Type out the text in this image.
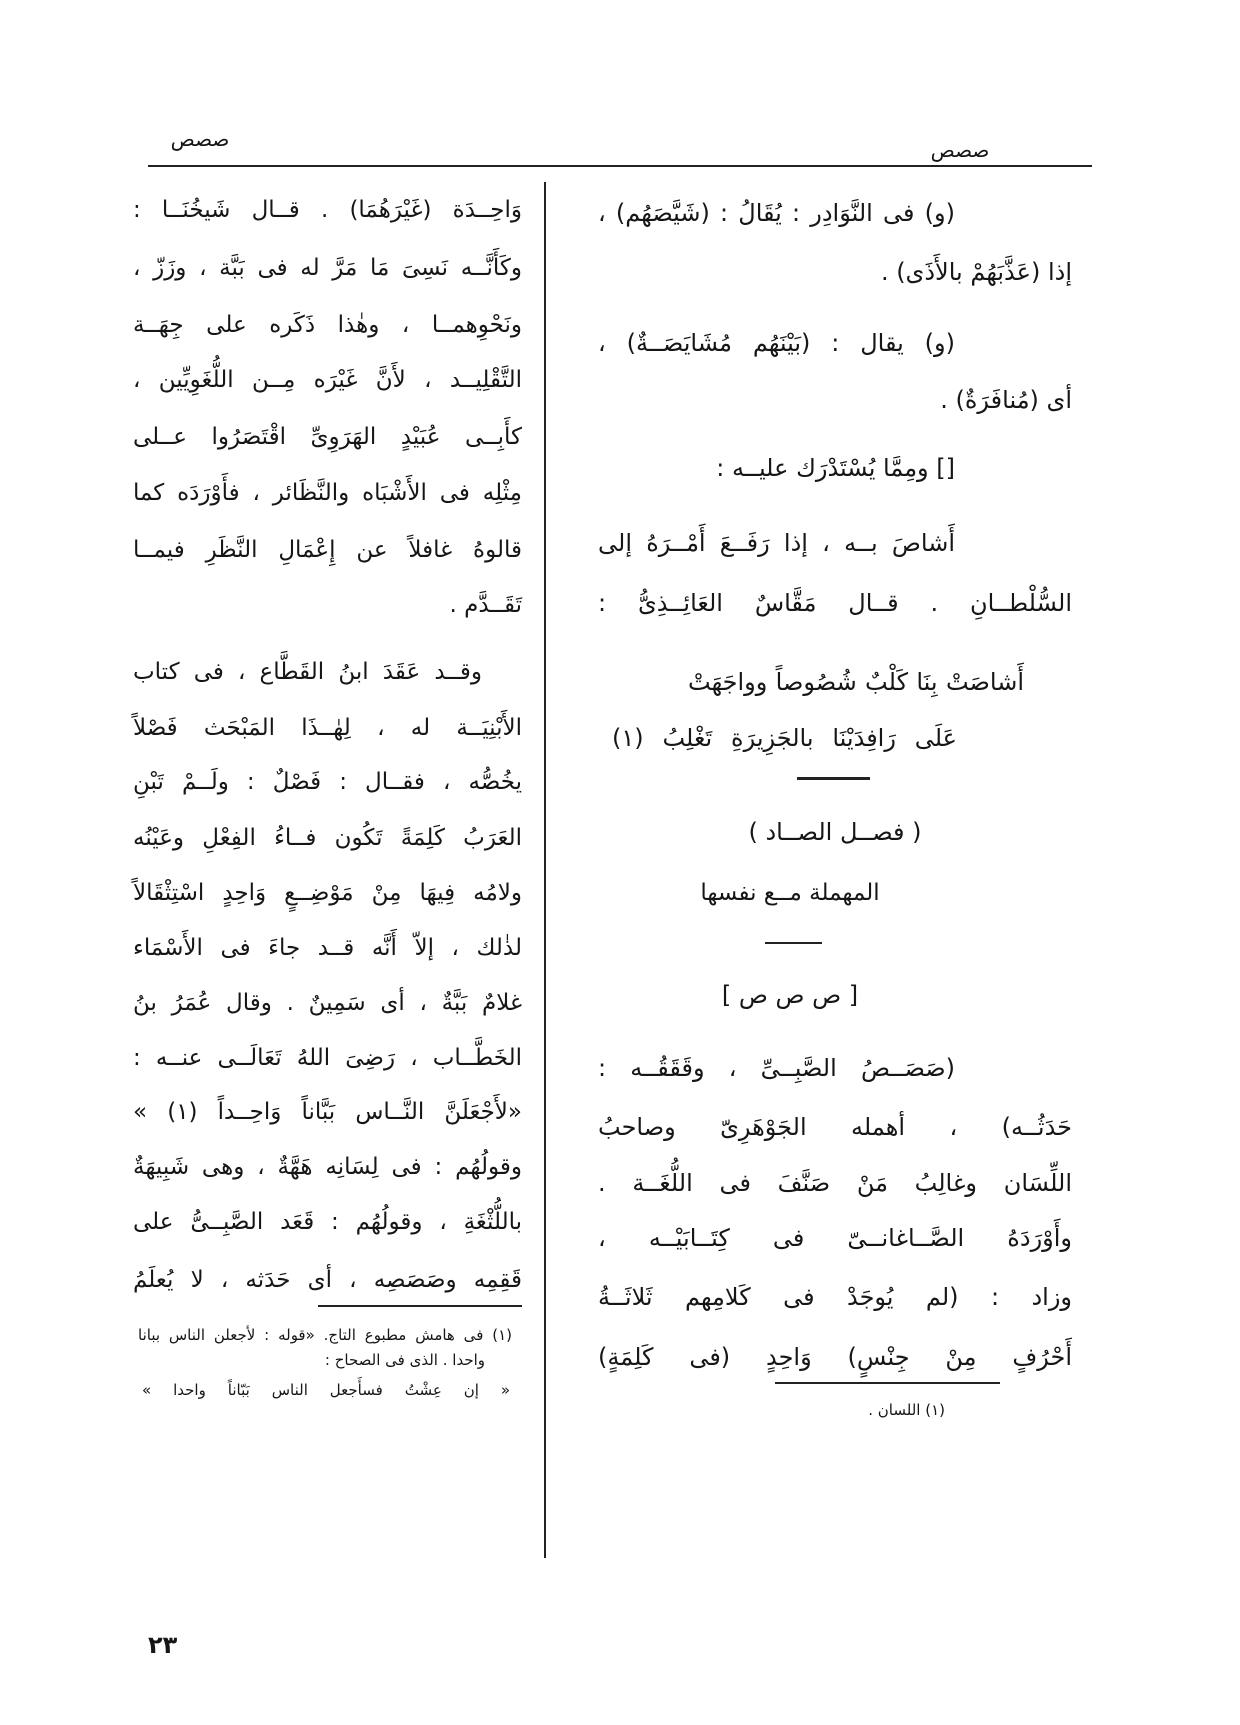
صصص	صصص
(و) فى النَّوَادِر : يُقَالُ : (شَيَّصَهُم) ،
إذا (عَذَّبَهُمْ بالأَذَى) .
(و) يقال : (بَيْنَهُم مُشَايَصَــةٌ) ،
أى (مُنافَرَةٌ) .
[] ومِمَّا يُسْتَدْرَك عليــه :
أَشاصَ بــه ، إذا رَفَــعَ أَمْــرَهُ إلى
السُّلْطــانِ . قــال مَقَّاسٌ العَائِــذِىُّ :
أَشاصَتْ بِنَا كَلْبٌ شُصُوصاً وواجَهَتْ
عَلَى رَافِدَيْنَا بالجَزِيرَةِ تَغْلِبُ (١)
( فصــل الصــاد )
المهملة مــع نفسها
[ ص ص ص ]
(صَصَــصُ الصَّبِــىِّ ، وقَقَقُــه :
حَدَثُــه) ، أهمله الجَوْهَرِىّ وصاحبُ
اللِّسَان وغالِبُ مَنْ صَنَّفَ فى اللُّغَــة .
وأَوْرَدَهُ الصَّــاغانــىّ فى كِتَــابَيْــه ،
وزاد : (لم يُوجَدْ فى كَلامِهم ثَلاثَــةُ
أَحْرُفٍ مِنْ جِنْسٍ) وَاحِدٍ (فى كَلِمَةٍ)
(١) اللسان .
وَاحِــدَة (غَيْرَهُمَا) . قــال شَيخُنَــا :
وكَأَنَّــه نَسِىَ مَا مَرَّ له فى بَبَّة ، وزَزّ ،
ونَحْوِهمــا ، وهٰذا ذَكَره على جِهَــة
التَّقْلِيــد ، لأَنَّ غَيْرَه مِــن اللُّغَوِيِّين ،
كأَبِــى عُبَيْدٍ الهَرَوِىِّ اقْتَصَرُوا عــلى
مِثْلِه فى الأَشْبَاه والنَّظَائر ، فأَوْرَدَه كما
قالوهُ غافلاً عن إِعْمَالِ النَّظَرِ فيمــا
تَقَــدَّم .
وقــد عَقَدَ ابنُ القَطَّاع ، فى كتاب
الأَبْنِيَــة له ، لِهٰــذَا المَبْحَث فَصْلاً
يخُصُّه ، فقــال : فَصْلٌ : ولَــمْ تَبْنِ
العَرَبُ كَلِمَةً تَكُون فــاءُ الفِعْلِ وعَيْنُه
ولامُه فِيهَا مِنْ مَوْضِــعٍ وَاحِدٍ اسْتِثْقَالاً
لذٰلك ، إلاّ أَنَّه قــد جاءَ فى الأَسْمَاء
غلامٌ بَبَّةٌ ، أى سَمِينٌ . وقال عُمَرُ بنُ
الخَطَّــاب ، رَضِىَ اللهُ تَعَالَــى عنــه :
«لأَجْعَلَنَّ النَّــاس بَبَّاناً وَاحِــداً (١) »
وقولُهُم : فى لِسَانِه هَهَّةٌ ، وهى شَبِيهَةٌ
باللُّثْغَةِ ، وقولُهُم : قَعَد الصَّبِــىُّ على
قَقِمِه وصَصَصِه ، أى حَدَثه ، لا يُعلَمُ
(١) فى هامش مطبوع التاج. «قوله : لأجعلن الناس ببانا
واحدا . الذى فى الصحاح :
« إن عِشْتُ فسأَجعل الناس بَبّاناً واحدا »
٢٣
